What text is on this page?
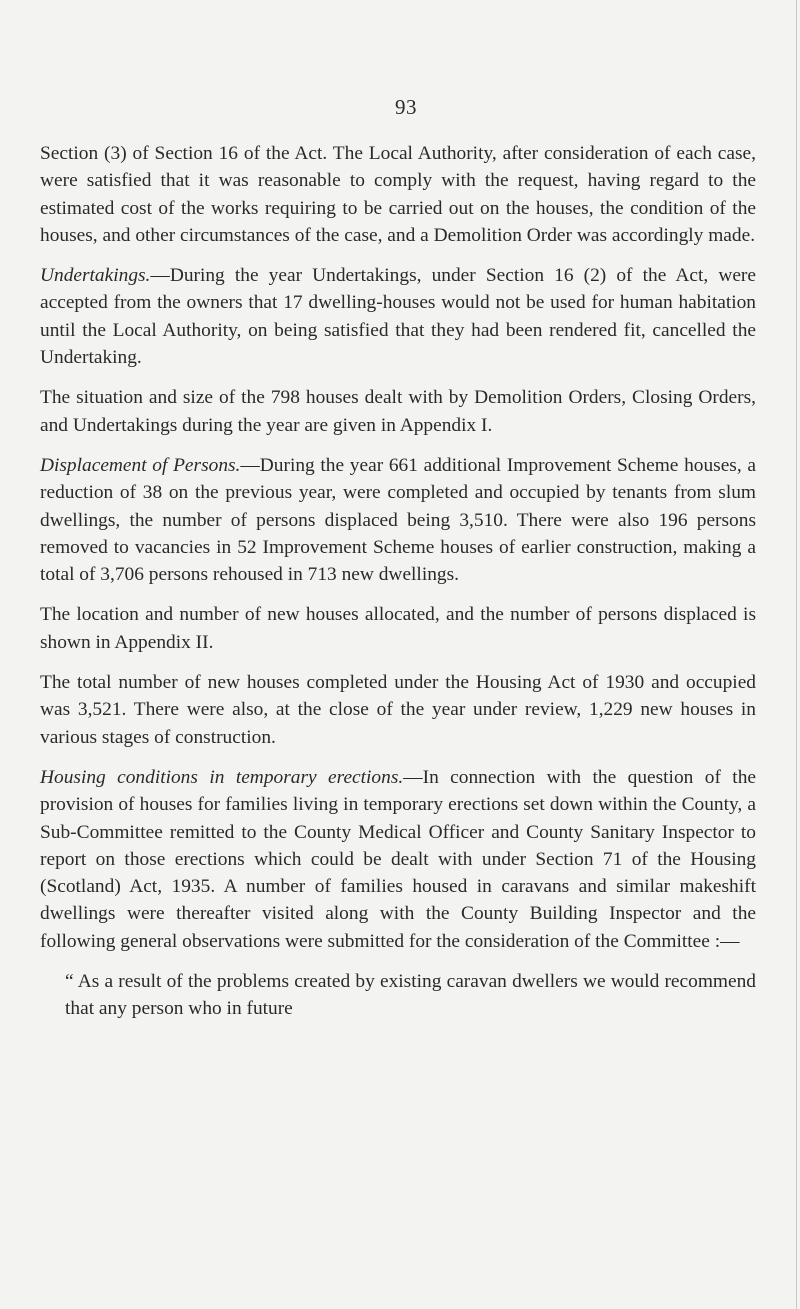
93

Section (3) of Section 16 of the Act. The Local Authority, after consideration of each case, were satisfied that it was reasonable to comply with the request, having regard to the estimated cost of the works requiring to be carried out on the houses, the condition of the houses, and other circumstances of the case, and a Demolition Order was accordingly made.

Undertakings.—During the year Undertakings, under Section 16 (2) of the Act, were accepted from the owners that 17 dwelling-houses would not be used for human habitation until the Local Authority, on being satisfied that they had been rendered fit, cancelled the Undertaking.

The situation and size of the 798 houses dealt with by Demolition Orders, Closing Orders, and Undertakings during the year are given in Appendix I.

Displacement of Persons.—During the year 661 additional Improvement Scheme houses, a reduction of 38 on the previous year, were completed and occupied by tenants from slum dwellings, the number of persons displaced being 3,510. There were also 196 persons removed to vacancies in 52 Improvement Scheme houses of earlier construction, making a total of 3,706 persons rehoused in 713 new dwellings.

The location and number of new houses allocated, and the number of persons displaced is shown in Appendix II.

The total number of new houses completed under the Housing Act of 1930 and occupied was 3,521. There were also, at the close of the year under review, 1,229 new houses in various stages of construction.

Housing conditions in temporary erections.—In connection with the question of the provision of houses for families living in temporary erections set down within the County, a Sub-Committee remitted to the County Medical Officer and County Sanitary Inspector to report on those erections which could be dealt with under Section 71 of the Housing (Scotland) Act, 1935. A number of families housed in caravans and similar makeshift dwellings were thereafter visited along with the County Building Inspector and the following general observations were submitted for the consideration of the Committee :—

“ As a result of the problems created by existing caravan dwellers we would recommend that any person who in future
